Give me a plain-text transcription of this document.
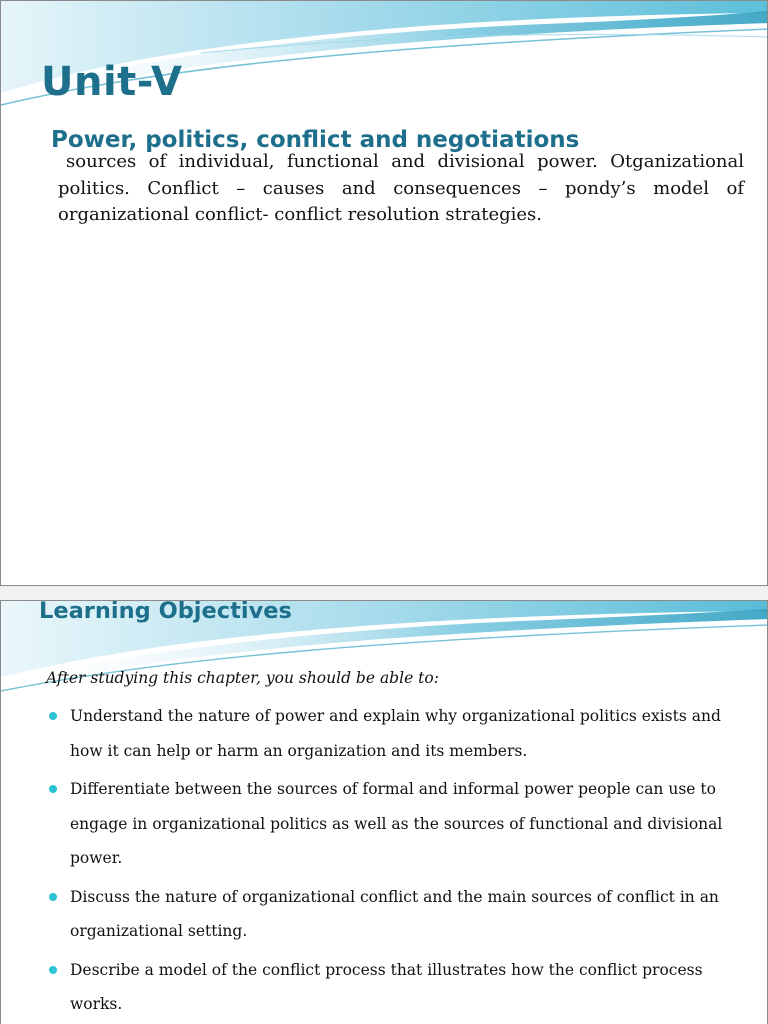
Unit-V
Power, politics, conflict and negotiations

sources of individual, functional and divisional power. Otganizational politics. Conflict – causes and consequences – pondy’s model of organizational conflict- conflict resolution strategies.

Learning Objectives

After studying this chapter, you should be able to:

Understand the nature of power and explain why organizational politics exists and how it can help or harm an organization and its members.
Differentiate between the sources of formal and informal power people can use to engage in organizational politics as well as the sources of functional and divisional power.
Discuss the nature of organizational conflict and the main sources of conflict in an organizational setting.
Describe a model of the conflict process that illustrates how the conflict process works.
